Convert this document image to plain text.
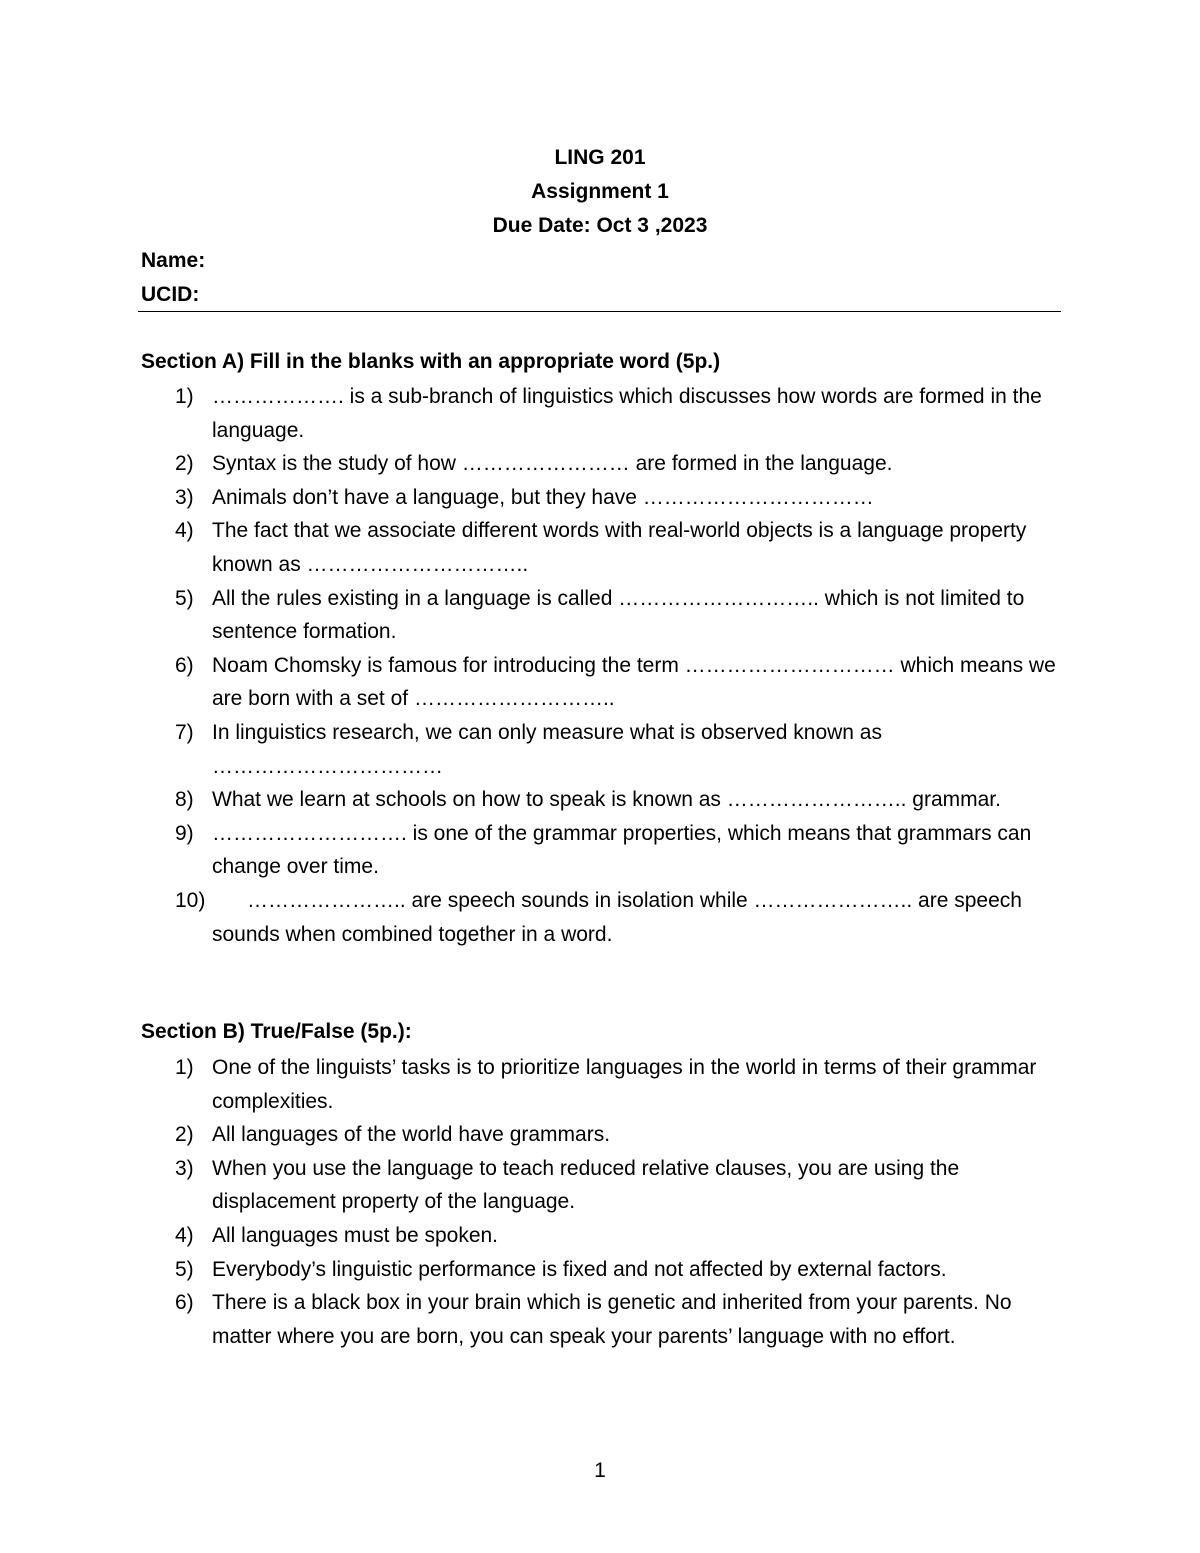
LING 201
Assignment 1
Due Date: Oct 3 ,2023
Name:
UCID:
Section A) Fill in the blanks with an appropriate word (5p.)
1) ………………. is a sub-branch of linguistics which discusses how words are formed in the language.
2) Syntax is the study of how …………………… are formed in the language.
3) Animals don’t have a language, but they have ……………………………
4) The fact that we associate different words with real-world objects is a language property known as …………………………..
5) All the rules existing in a language is called ……………………….. which is not limited to sentence formation.
6) Noam Chomsky is famous for introducing the term ………………………… which means we are born with a set of ………………………..
7) In linguistics research, we can only measure what is observed known as ……………………………
8) What we learn at schools on how to speak is known as …………………….. grammar.
9) ………………………. is one of the grammar properties, which means that grammars can change over time.
10) ………………….. are speech sounds in isolation while ………………….. are speech sounds when combined together in a word.
Section B) True/False (5p.):
1) One of the linguists’ tasks is to prioritize languages in the world in terms of their grammar complexities.
2) All languages of the world have grammars.
3) When you use the language to teach reduced relative clauses, you are using the displacement property of the language.
4) All languages must be spoken.
5) Everybody’s linguistic performance is fixed and not affected by external factors.
6) There is a black box in your brain which is genetic and inherited from your parents. No matter where you are born, you can speak your parents’ language with no effort.
1
